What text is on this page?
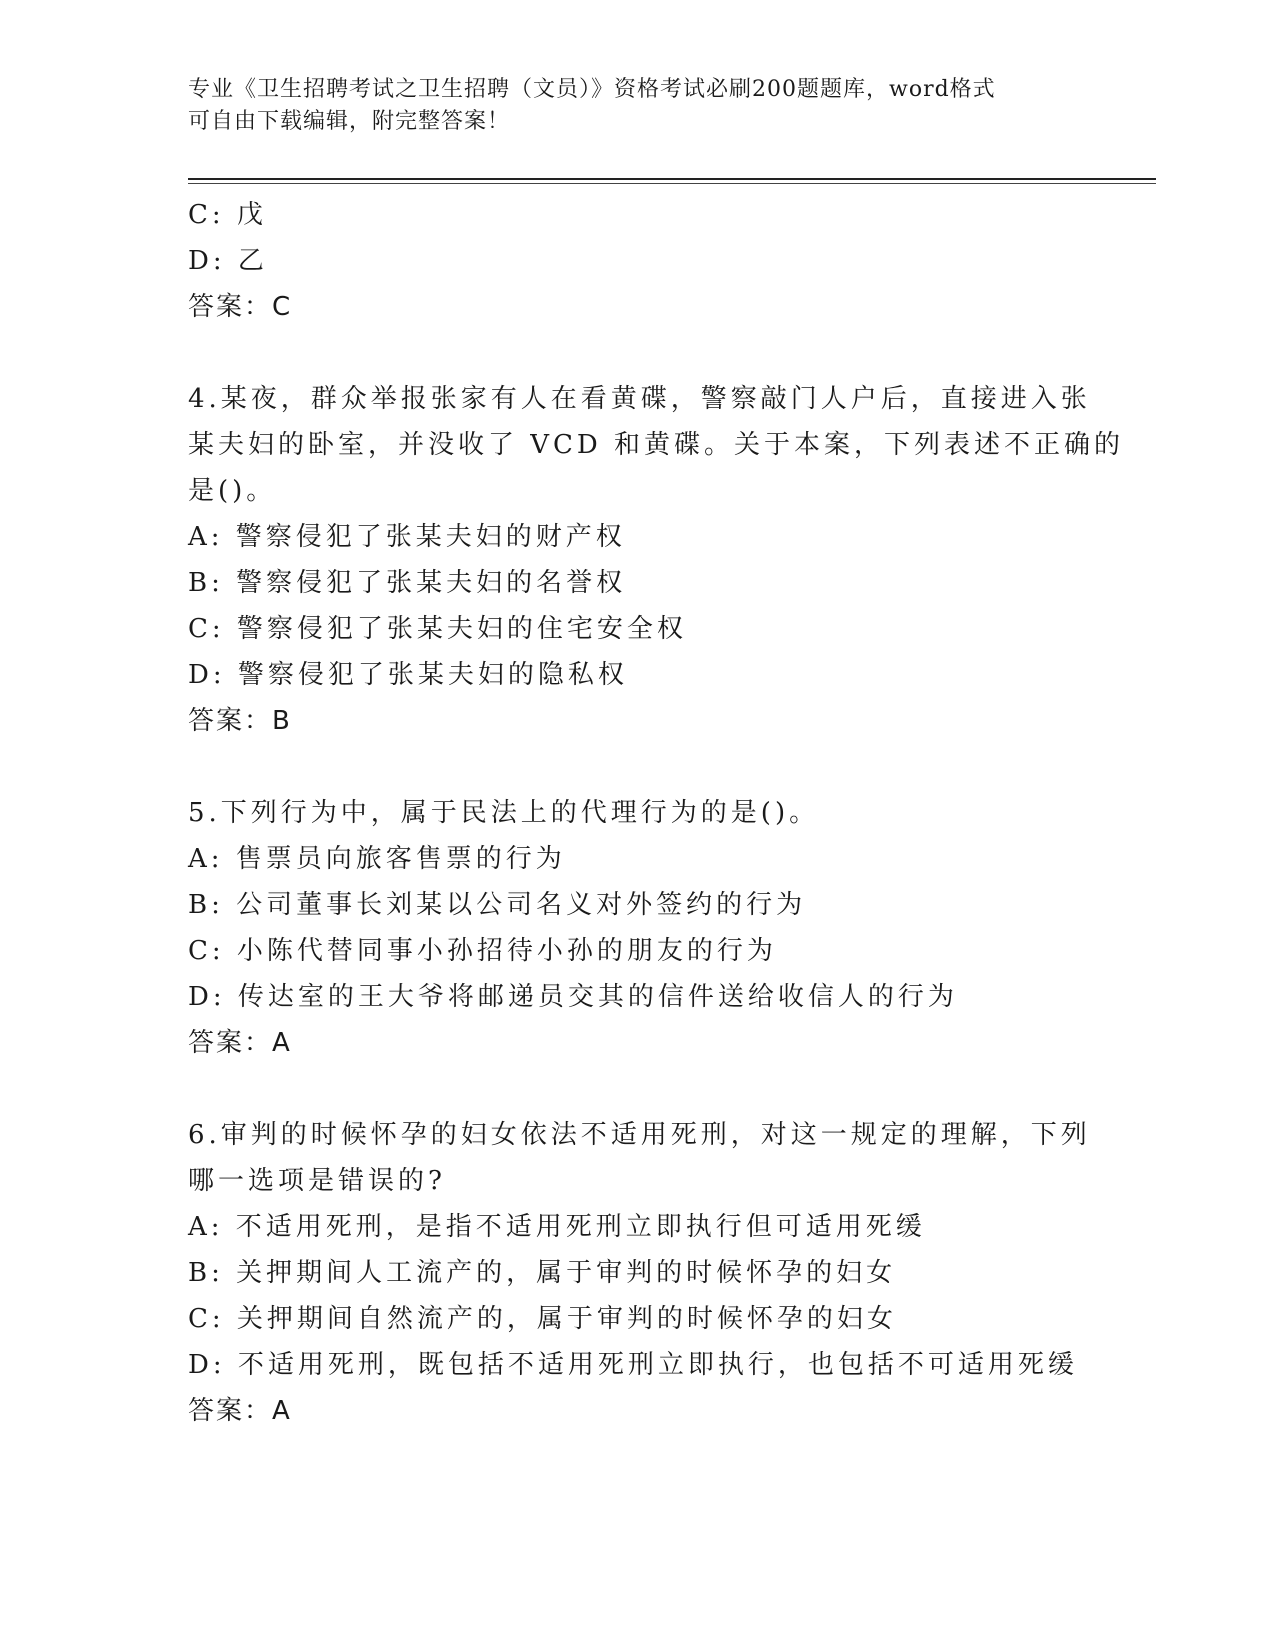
专业《卫生招聘考试之卫生招聘（文员）》资格考试必刷200题题库，word格式
可自由下载编辑，附完整答案！
C: 戊
D: 乙
答案：C
4.某夜，群众举报张家有人在看黄碟，警察敲门人户后，直接进入张
某夫妇的卧室，并没收了 VCD 和黄碟。关于本案，下列表述不正确的
是()。
A: 警察侵犯了张某夫妇的财产权
B: 警察侵犯了张某夫妇的名誉权
C: 警察侵犯了张某夫妇的住宅安全权
D: 警察侵犯了张某夫妇的隐私权
答案：B
5.下列行为中，属于民法上的代理行为的是()。
A: 售票员向旅客售票的行为
B: 公司董事长刘某以公司名义对外签约的行为
C: 小陈代替同事小孙招待小孙的朋友的行为
D: 传达室的王大爷将邮递员交其的信件送给收信人的行为
答案：A
6.审判的时候怀孕的妇女依法不适用死刑，对这一规定的理解，下列
哪一选项是错误的?
A: 不适用死刑，是指不适用死刑立即执行但可适用死缓
B: 关押期间人工流产的，属于审判的时候怀孕的妇女
C: 关押期间自然流产的，属于审判的时候怀孕的妇女
D: 不适用死刑，既包括不适用死刑立即执行，也包括不可适用死缓
答案：A
